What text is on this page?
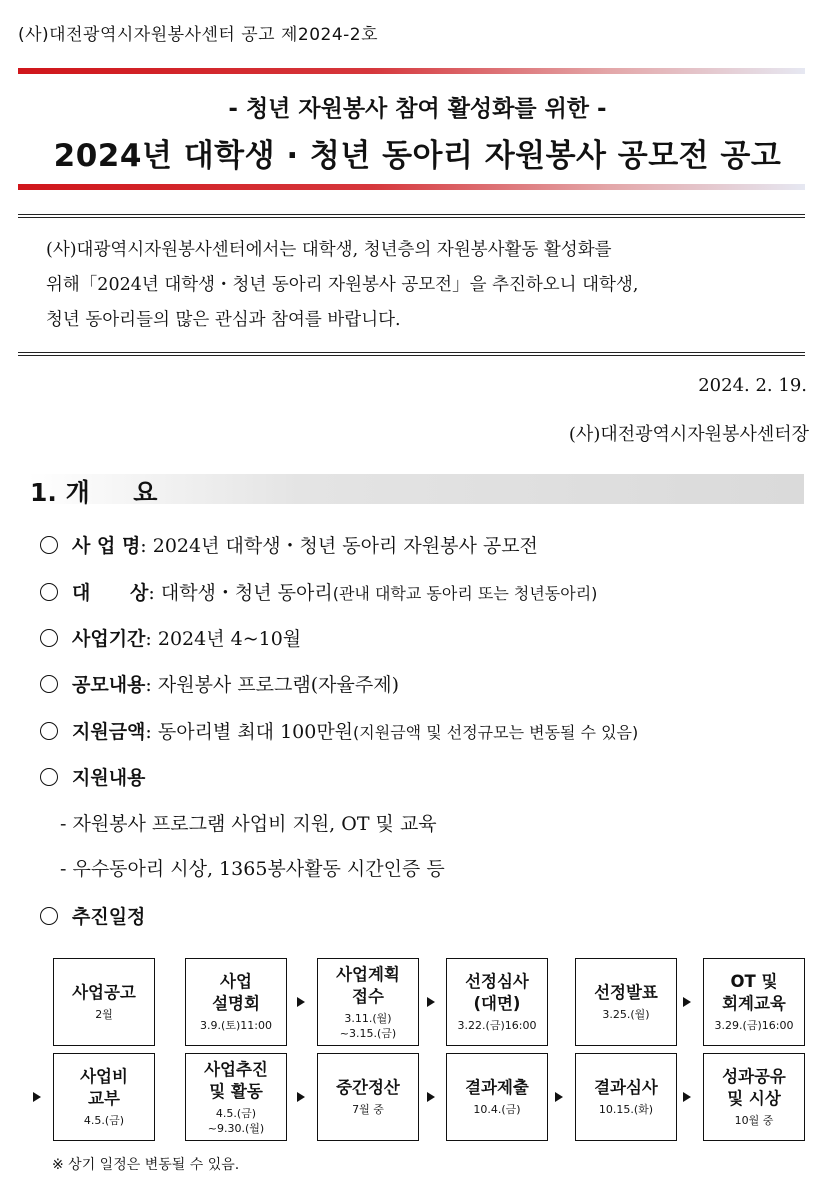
(사)대전광역시자원봉사센터 공고 제2024-2호
- 청년 자원봉사 참여 활성화를 위한 -
2024년 대학생 · 청년 동아리 자원봉사 공모전 공고

(사)대광역시자원봉사센터에서는 대학생, 청년층의 자원봉사활동 활성화를

위해「2024년 대학생・청년 동아리 자원봉사 공모전」을 추진하오니 대학생,

청년 동아리들의 많은 관심과 참여를 바랍니다.

2024. 2. 19.
(사)대전광역시자원봉사센터장
1. 개     요
사 업 명: 2024년 대학생・청년 동아리 자원봉사 공모전
대      상: 대학생・청년 동아리(관내 대학교 동아리 또는 청년동아리)
사업기간: 2024년 4~10월
공모내용: 자원봉사 프로그램(자율주제)
지원금액: 동아리별 최대 100만원(지원금액 및 선정규모는 변동될 수 있음)
지원내용
- 자원봉사 프로그램 사업비 지원, OT 및 교육
- 우수동아리 시상, 1365봉사활동 시간인증 등
추진일정
사업공고
2월
사업
설명회
3.9.(토)11:00
사업계획
접수
3.11.(월)
~3.15.(금)
선정심사
(대면)
3.22.(금)16:00
선정발표
3.25.(월)
OT 및
회계교육
3.29.(금)16:00
사업비
교부
4.5.(금)
사업추진
및 활동
4.5.(금)
~9.30.(월)
중간정산
7월 중
결과제출
10.4.(금)
결과심사
10.15.(화)
성과공유
및 시상
10월 중
※ 상기 일정은 변동될 수 있음.
